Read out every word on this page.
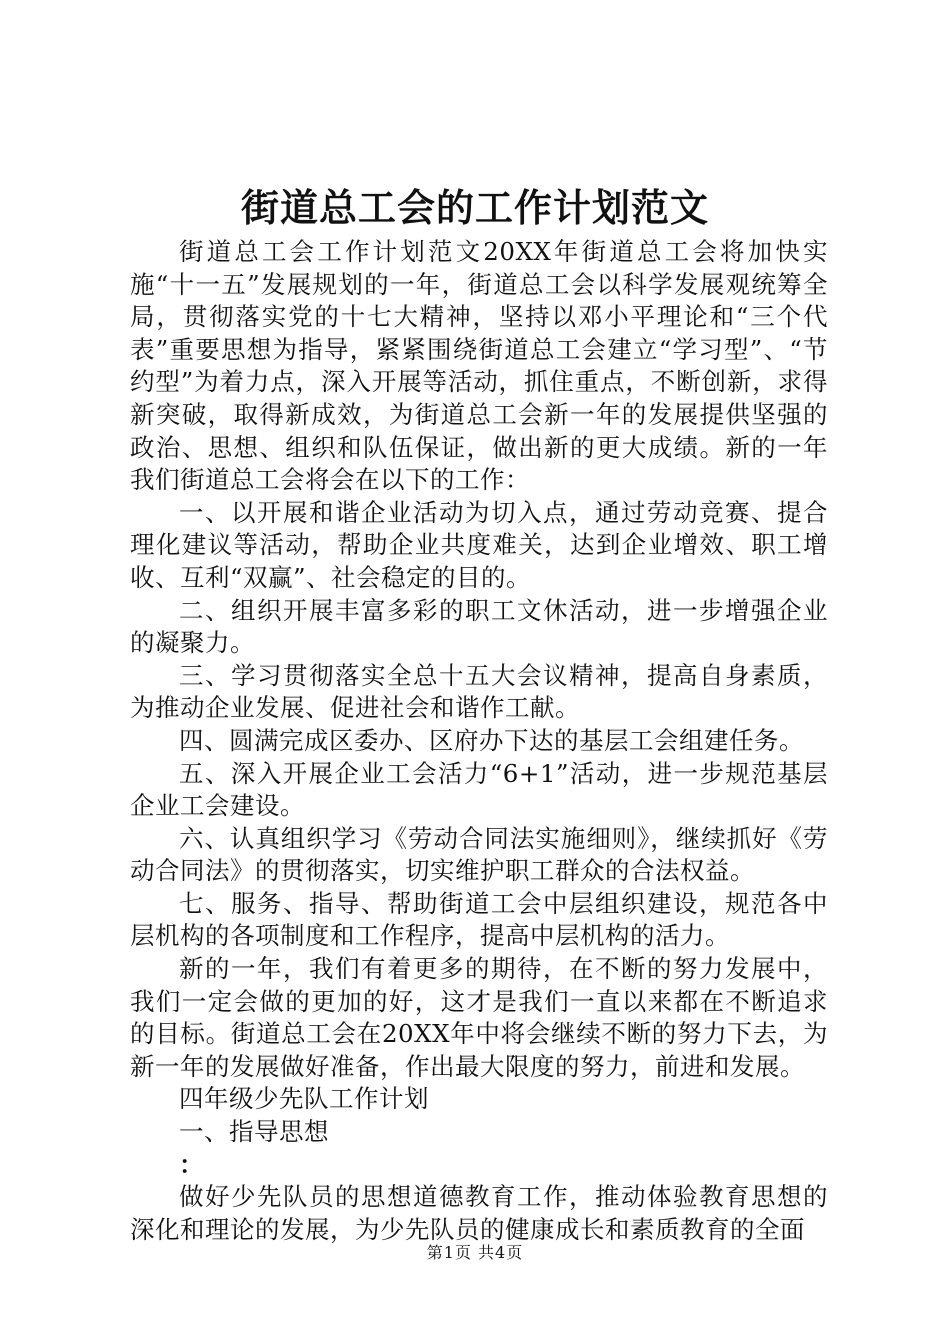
街道总工会的工作计划范文

街道总工会工作计划范文20XX年街道总工会将加快实施“十一五”发展规划的一年，街道总工会以科学发展观统筹全局，贯彻落实党的十七大精神，坚持以邓小平理论和“三个代表”重要思想为指导，紧紧围绕街道总工会建立“学习型”、“节约型”为着力点，深入开展等活动，抓住重点，不断创新，求得新突破，取得新成效，为街道总工会新一年的发展提供坚强的政治、思想、组织和队伍保证，做出新的更大成绩。新的一年我们街道总工会将会在以下的工作：

一、以开展和谐企业活动为切入点，通过劳动竞赛、提合理化建议等活动，帮助企业共度难关，达到企业增效、职工增收、互利“双赢”、社会稳定的目的。

二、组织开展丰富多彩的职工文休活动，进一步增强企业的凝聚力。

三、学习贯彻落实全总十五大会议精神，提高自身素质，为推动企业发展、促进社会和谐作工献。

四、圆满完成区委办、区府办下达的基层工会组建任务。

五、深入开展企业工会活力“6+1”活动，进一步规范基层企业工会建设。

六、认真组织学习《劳动合同法实施细则》，继续抓好《劳动合同法》的贯彻落实，切实维护职工群众的合法权益。

七、服务、指导、帮助街道工会中层组织建设，规范各中层机构的各项制度和工作程序，提高中层机构的活力。

新的一年，我们有着更多的期待，在不断的努力发展中，我们一定会做的更加的好，这才是我们一直以来都在不断追求的目标。街道总工会在20XX年中将会继续不断的努力下去，为新一年的发展做好准备，作出最大限度的努力，前进和发展。

四年级少先队工作计划

一、指导思想

：

做好少先队员的思想道德教育工作，推动体验教育思想的深化和理论的发展，为少先队员的健康成长和素质教育的全面

第1页 共4页
